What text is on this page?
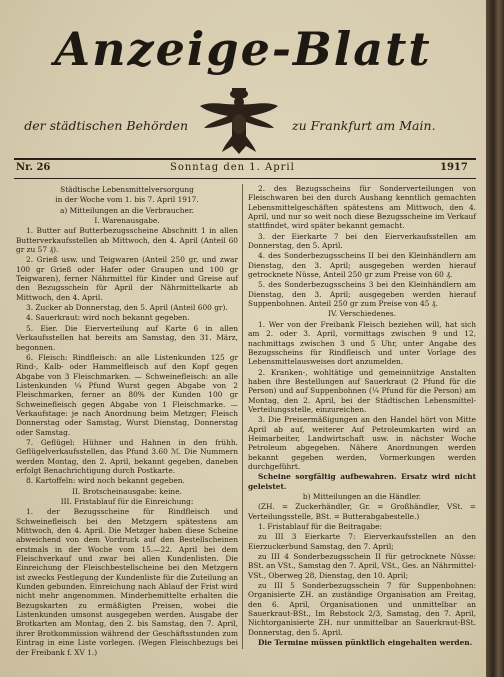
Anzeige-Blatt
der städtischen Behörden	zu Frankfurt am Main.
Nr. 26	Sonntag den 1. April	1917

Städtische Lebensmittelversorgung

in der Woche vom 1. bis 7. April 1917.

a) Mitteilungen an die Verbraucher.

I. Warenausgabe.

1. Butter auf Butterbezugsscheine Abschnitt 1 in allen Butterverkaufsstellen ab Mittwoch, den 4. April (Anteil 60 gr zu 57 ₰).

2. Grieß usw. und Teigwaren (Anteil 250 gr, und zwar 100 gr Grieß oder Hafer oder Graupen und 100 gr Teigwaren), ferner Nährmittel für Kinder und Greise auf den Bezugsschein für April der Nährmittelkarte ab Mittwoch, den 4. April.

3. Zucker ab Donnerstag, den 5. April (Anteil 600 gr).

4. Sauerkraut: wird noch bekannt gegeben.

5. Eier. Die Eierverteilung auf Karte 6 in allen Verkaufsstellen hat bereits am Samstag, den 31. März, begonnen.

6. Fleisch: Rindfleisch: an alle Listenkunden 125 gr Rind-, Kalb- oder Hammelfleisch auf den Kopf gegen Abgabe von 3 Fleischmarken. — Schweinefleisch: an alle Listenkunden ¼ Pfund Wurst gegen Abgabe von 2 Fleischmarken, ferner an 80% der Kunden 100 gr Schweinefleisch gegen Abgabe von 1 Fleischmarke. — Verkaufstage: je nach Anordnung beim Metzger; Fleisch Donnerstag oder Samstag, Wurst Dienstag, Donnerstag oder Samstag.

7. Geflügel: Hühner und Hahnen in den frühh. Geflügelverkaufsstellen, das Pfund 3.60 ℳ. Die Nummern werden Montag, den 2. April, bekannt gegeben, daneben erfolgt Benachrichtigung durch Postkarte.

8. Kartoffeln: wird noch bekannt gegeben.

II. Brotscheinausgabe: keine.

III. Fristablauf für die Einreichung:

1. der Bezugsscheine für Rindfleisch und Schweinefleisch bei den Metzgern spätestens am Mittwoch, den 4. April. Die Metzger haben diese Scheine abweichend von dem Vordruck auf den Bestellscheinen erstmals in der Woche vom 15.—22. April bei dem Fleischverkauf und zwar bei allen Kundenlisten. Die Einreichung der Fleischbestellscheine bei den Metzgern ist zwecks Festlegung der Kundenliste für die Zuteilung an Kunden gebunden. Einreichung nach Ablauf der Frist wird nicht mehr angenommen. Minderbemittelte erhalten die Bezugskarten zu ermäßigten Preisen, wobei die Listenkunden umsonst ausgegeben werden. Ausgabe der Brotkarten am Montag, den 2. bis Samstag, den 7. April, ihrer Brotkommission während der Geschäftsstunden zum Eintrag in eine Liste vorlegen. (Wegen Fleischbezugs bei der Freibank f. XV 1.)

2. des Bezugsscheins für Sonderverteilungen von Fleischwaren bei den durch Aushang kenntlich gemachten Lebensmittelgeschäften spätestens am Mittwoch, den 4. April, und nur so weit noch diese Bezugsscheine im Verkauf stattfindet, wird später bekannt gemacht.

3. der Eierkarte 7 bei den Eierverkaufsstellen am Donnerstag, den 5. April.

4. des Sonderbezugsscheins II bei den Kleinhändlern am Dienstag, den 3. April; ausgegeben werden hierauf getrocknete Nüsse, Anteil 250 gr zum Preise von 60 ₰.

5. des Sonderbezugsscheins 3 bei den Kleinhändlern am Dienstag, den 3. April; ausgegeben werden hierauf Suppenbohnen. Anteil 250 gr zum Preise von 45 ₰.

IV. Verschiedenes.

1. Wer von der Freibank Fleisch beziehen will, hat sich am 2. oder 3. April, vormittags zwischen 9 und 12, nachmittags zwischen 3 und 5 Uhr, unter Angabe des Bezugsscheins für Rindfleisch und unter Vorlage des Lebensmittelausweises dort anzumelden.

2. Kranken-, wohltätige und gemeinnützige Anstalten haben ihre Bestellungen auf Sauerkraut (2 Pfund für die Person) und auf Suppenbohnen (¼ Pfund für die Person) am Montag, den 2. April, bei der Städtischen Lebensmittel-Verteilungsstelle, einzureichen.

3. Die Preisermäßigungen an den Handel hört von Mitte April ab auf, weiterer Auf Petroleumkarten wird an Heimarbeiter, Landwirtschaft usw. in nächster Woche Petroleum abgegeben. Nähere Anordnungen werden bekannt gegeben werden, Vormerkungen werden durchgeführt.

Scheine sorgfältig aufbewahren. Ersatz wird nicht geleistet.

b) Mitteilungen an die Händler.

(ZH. = Zuckerhändler, Gr. = Großhändler, VSt. = Verteilungsstelle, BSt. = Butterabgabestelle.)

1. Fristablauf für die Beitragabe:

zu III 3 Eierkarte 7: Eierverkaufsstellen an den Eierzuckerbund Samstag, den 7. April;

zu III 4 Sonderbezugsschein II für getrocknete Nüsse: BSt. an VSt., Samstag den 7. April, VSt., Ges. an Nährmittel-VSt., Oberweg 28, Dienstag, den 10. April;

zu III 5 Sonderbezugsschein 7 für Suppenbohnen: Organisierte ZH. an zuständige Organisation am Freitag, den 6. April, Organisationen und unmittelbar an Sauerkraut-BSt., Im Rebstock 2/3, Samstag, den 7. April, Nichtorganisierte ZH. nur unmittelbar an Sauerkraut-BSt. Donnerstag, den 5. April.

Die Termine müssen pünktlich eingehalten werden.
